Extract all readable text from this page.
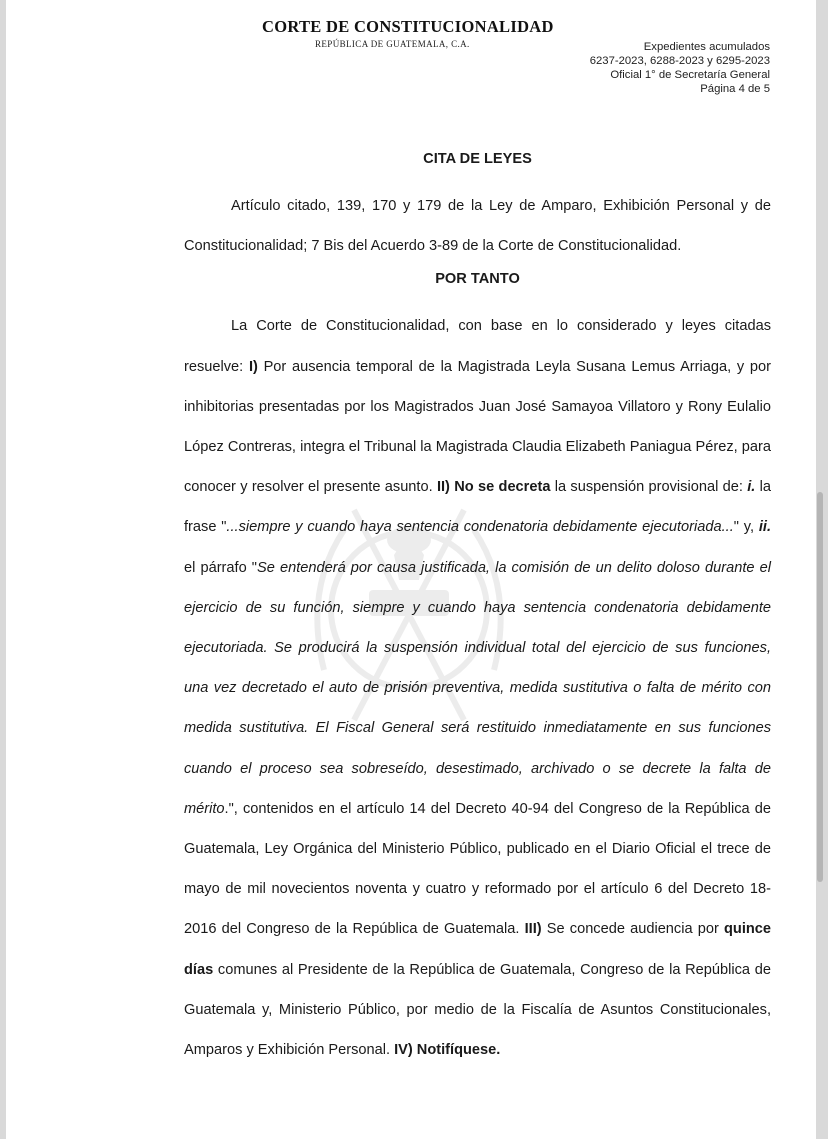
CORTE DE CONSTITUCIONALIDAD
REPÚBLICA DE GUATEMALA, C.A.	Expedientes acumulados
6237-2023, 6288-2023 y 6295-2023
Oficial 1° de Secretaría General
Página 4 de 5
CITA DE LEYES

Artículo citado, 139, 170 y 179 de la Ley de Amparo, Exhibición Personal y de Constitucionalidad; 7 Bis del Acuerdo 3-89 de la Corte de Constitucionalidad.

POR TANTO

La Corte de Constitucionalidad, con base en lo considerado y leyes citadas resuelve: I) Por ausencia temporal de la Magistrada Leyla Susana Lemus Arriaga, y por inhibitorias presentadas por los Magistrados Juan José Samayoa Villatoro y Rony Eulalio López Contreras, integra el Tribunal la Magistrada Claudia Elizabeth Paniagua Pérez, para conocer y resolver el presente asunto. II) No se decreta la suspensión provisional de: i. la frase "...siempre y cuando haya sentencia condenatoria debidamente ejecutoriada..." y, ii. el párrafo "Se entenderá por causa justificada, la comisión de un delito doloso durante el ejercicio de su función, siempre y cuando haya sentencia condenatoria debidamente ejecutoriada. Se producirá la suspensión individual total del ejercicio de sus funciones, una vez decretado el auto de prisión preventiva, medida sustitutiva o falta de mérito con medida sustitutiva. El Fiscal General será restituido inmediatamente en sus funciones cuando el proceso sea sobreseído, desestimado, archivado o se decrete la falta de mérito.", contenidos en el artículo 14 del Decreto 40-94 del Congreso de la República de Guatemala, Ley Orgánica del Ministerio Público, publicado en el Diario Oficial el trece de mayo de mil novecientos noventa y cuatro y reformado por el artículo 6 del Decreto 18-2016 del Congreso de la República de Guatemala. III) Se concede audiencia por quince días comunes al Presidente de la República de Guatemala, Congreso de la República de Guatemala y, Ministerio Público, por medio de la Fiscalía de Asuntos Constitucionales, Amparos y Exhibición Personal. IV) Notifíquese.
